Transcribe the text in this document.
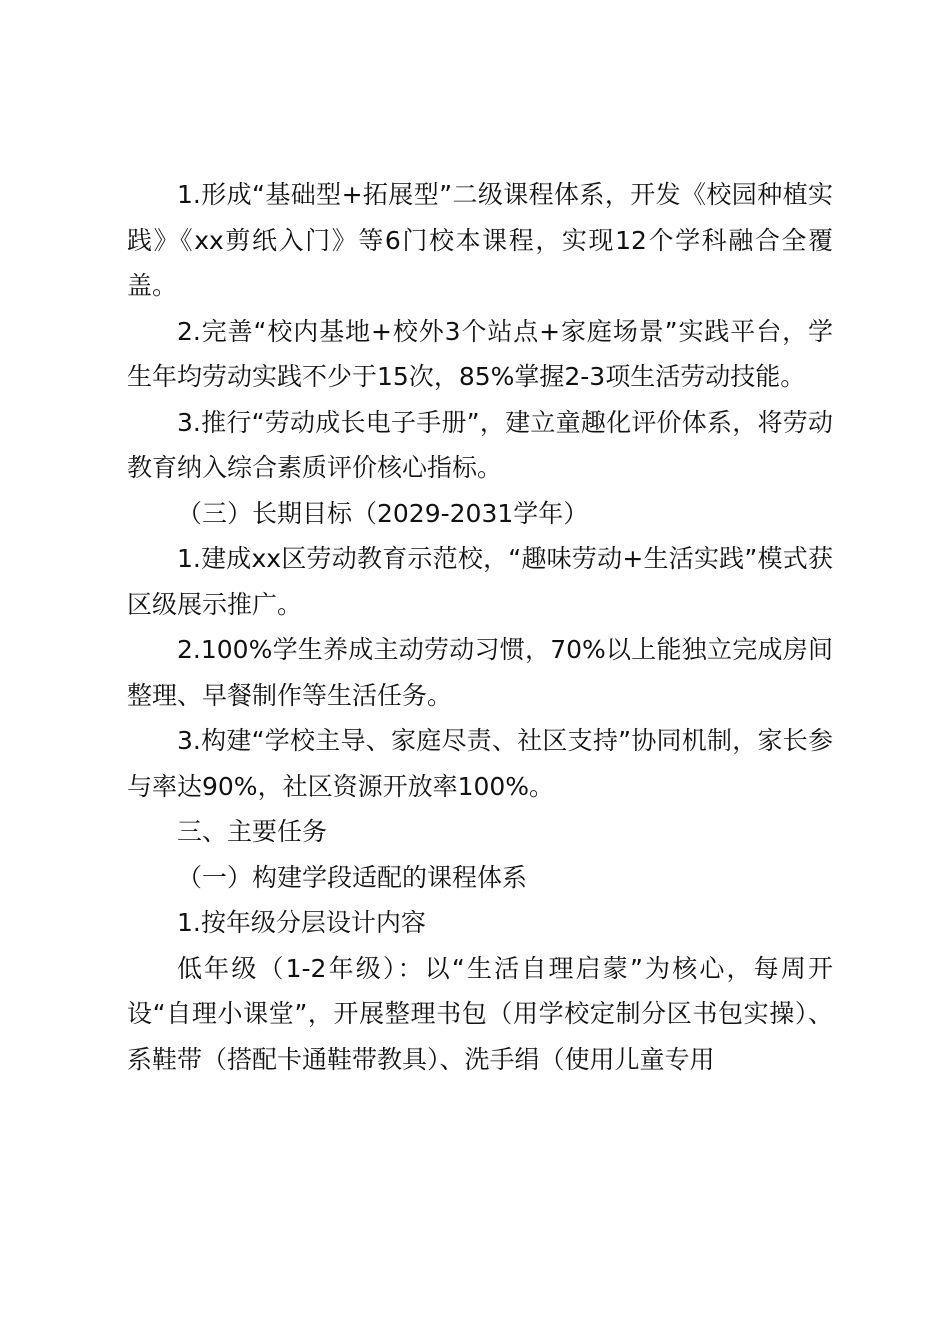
1.形成“基础型+拓展型”二级课程体系，开发《校园种植实践》《xx剪纸入门》等6门校本课程，实现12个学科融合全覆盖。

2.完善“校内基地+校外3个站点+家庭场景”实践平台，学生年均劳动实践不少于15次，85%掌握2-3项生活劳动技能。

3.推行“劳动成长电子手册”，建立童趣化评价体系，将劳动教育纳入综合素质评价核心指标。

（三）长期目标（2029-2031学年）

1.建成xx区劳动教育示范校，“趣味劳动+生活实践”模式获区级展示推广。

2.100%学生养成主动劳动习惯，70%以上能独立完成房间整理、早餐制作等生活任务。

3.构建“学校主导、家庭尽责、社区支持”协同机制，家长参与率达90%，社区资源开放率100%。

三、主要任务

（一）构建学段适配的课程体系

1.按年级分层设计内容

低年级（1-2年级）：以“生活自理启蒙”为核心，每周开设“自理小课堂”，开展整理书包（用学校定制分区书包实操）、系鞋带（搭配卡通鞋带教具）、洗手绢（使用儿童专用
